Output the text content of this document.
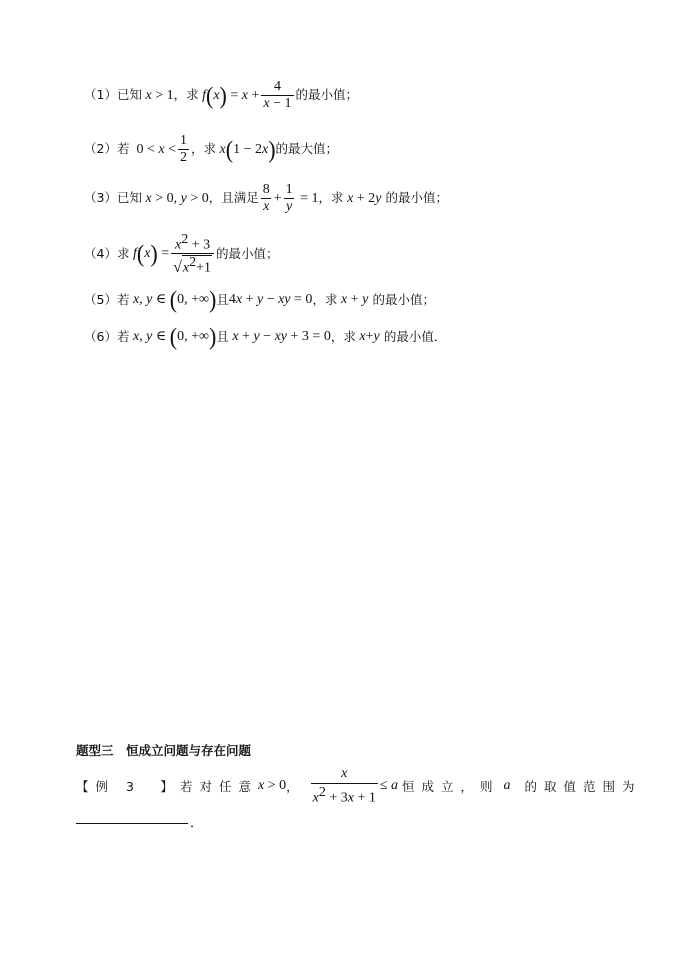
（1） 已知 x > 1 ，求 f ( x ) = $x + \frac{4}{x - 1}$ 的最小值；
（2） 若 $0 < x < \frac{1}{2}$ ，求 x ( 1 − 2 x ) 的最大值；
（3） 已知 x > 0, y > 0 ，且满足 $\frac{8}{x} + \frac{1}{y} = 1$ ，求 x + 2 y
的最小值；
（4） 求 f ( x ) = $\frac{x^2 + 3}{√ x^2+1}$ 的最小值；
（5） 若 x, y ∈ ( 0, +∞ ) 且 4 x + y − xy = 0 ，求 x + y
的最小值；
（6） 若 x, y ∈ ( 0, +∞ ) 且 x + y − xy + 3 = 0 ，求 x + y
的最小值．
题型三　恒成立问题与存在问题
【例 3　】 若对任意 x > 0 ， $\frac{x}{x^2 + 3x + 1} \le a$ 恒成立，则 a 的取值范围为
．
